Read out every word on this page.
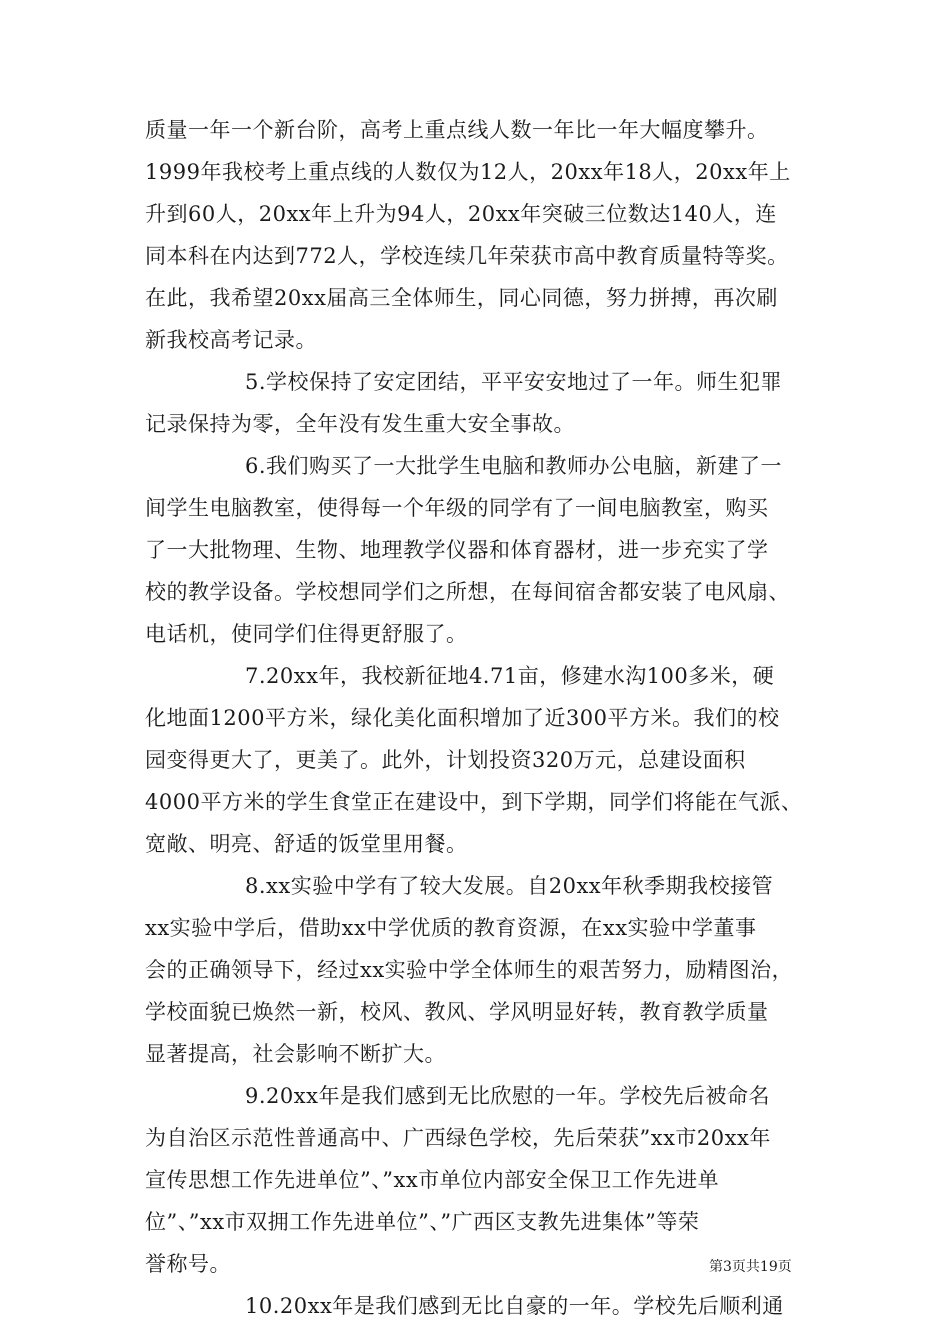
质量一年一个新台阶，高考上重点线人数一年比一年大幅度攀升。
1999年我校考上重点线的人数仅为12人，20xx年18人，20xx年上
升到60人，20xx年上升为94人，20xx年突破三位数达140人，连
同本科在内达到772人，学校连续几年荣获市高中教育质量特等奖。
在此，我希望20xx届高三全体师生，同心同德，努力拼搏，再次刷
新我校高考记录。
5.学校保持了安定团结，平平安安地过了一年。师生犯罪
记录保持为零，全年没有发生重大安全事故。
6.我们购买了一大批学生电脑和教师办公电脑，新建了一
间学生电脑教室，使得每一个年级的同学有了一间电脑教室，购买
了一大批物理、生物、地理教学仪器和体育器材，进一步充实了学
校的教学设备。学校想同学们之所想，在每间宿舍都安装了电风扇、
电话机，使同学们住得更舒服了。
7.20xx年，我校新征地4.71亩，修建水沟100多米，硬
化地面1200平方米，绿化美化面积增加了近300平方米。我们的校
园变得更大了，更美了。此外，计划投资320万元，总建设面积
4000平方米的学生食堂正在建设中，到下学期，同学们将能在气派、
宽敞、明亮、舒适的饭堂里用餐。
8.xx实验中学有了较大发展。自20xx年秋季期我校接管
xx实验中学后，借助xx中学优质的教育资源，在xx实验中学董事
会的正确领导下，经过xx实验中学全体师生的艰苦努力，励精图治，
学校面貌已焕然一新，校风、教风、学风明显好转，教育教学质量
显著提高，社会影响不断扩大。
9.20xx年是我们感到无比欣慰的一年。学校先后被命名
为自治区示范性普通高中、广西绿色学校，先后荣获”xx市20xx年
宣传思想工作先进单位”、”xx市单位内部安全保卫工作先进单
位”、”xx市双拥工作先进单位”、”广西区支教先进集体”等荣
誉称号。
10.20xx年是我们感到无比自豪的一年。学校先后顺利通
第3页共19页
